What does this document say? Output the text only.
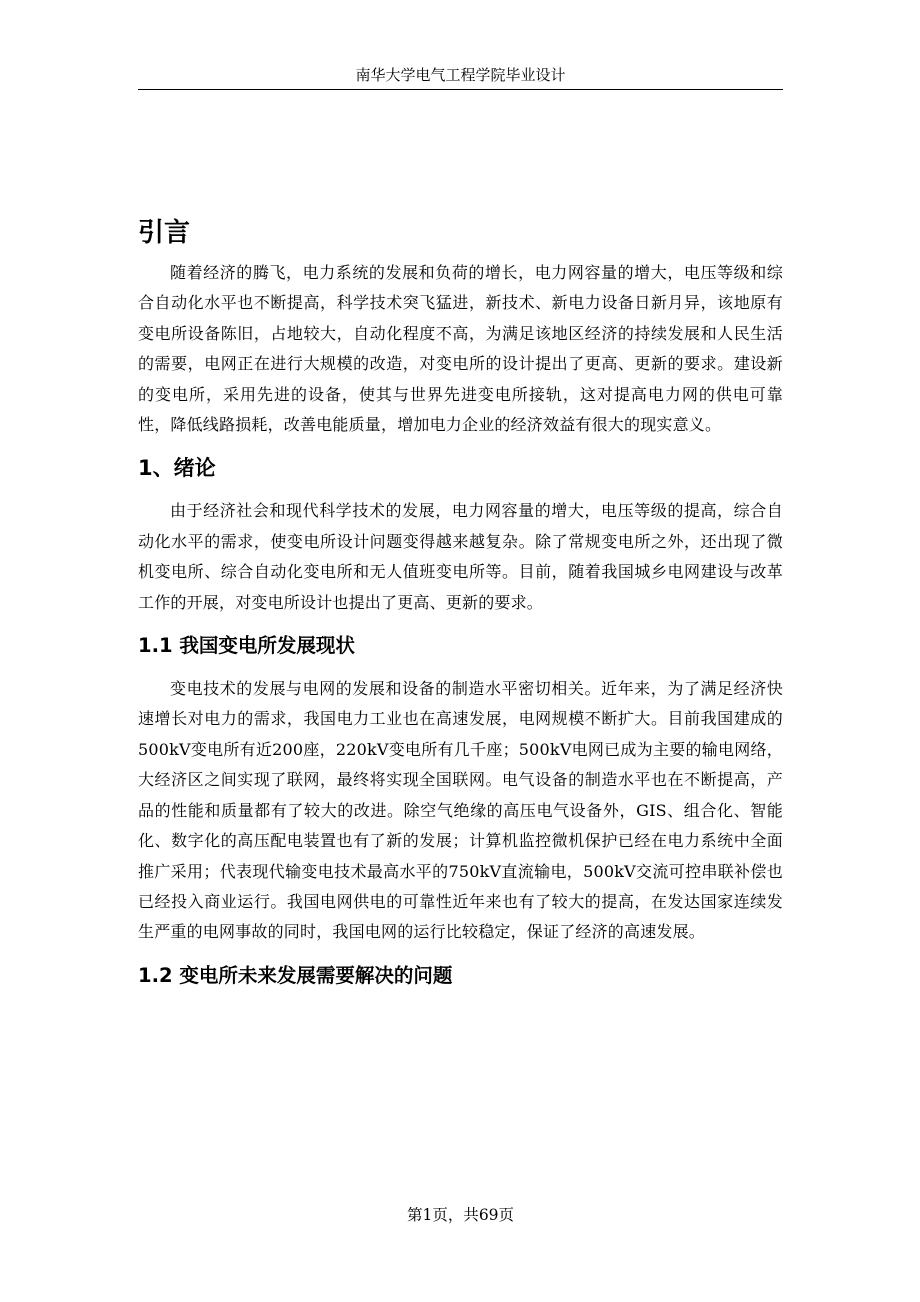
南华大学电气工程学院毕业设计
引言

随着经济的腾飞，电力系统的发展和负荷的增长，电力网容量的增大，电压等级和综合自动化水平也不断提高，科学技术突飞猛进，新技术、新电力设备日新月异，该地原有变电所设备陈旧，占地较大，自动化程度不高，为满足该地区经济的持续发展和人民生活的需要，电网正在进行大规模的改造，对变电所的设计提出了更高、更新的要求。建设新的变电所，采用先进的设备，使其与世界先进变电所接轨，这对提高电力网的供电可靠性，降低线路损耗，改善电能质量，增加电力企业的经济效益有很大的现实意义。

1、绪论

由于经济社会和现代科学技术的发展，电力网容量的增大，电压等级的提高，综合自动化水平的需求，使变电所设计问题变得越来越复杂。除了常规变电所之外，还出现了微机变电所、综合自动化变电所和无人值班变电所等。目前，随着我国城乡电网建设与改革工作的开展，对变电所设计也提出了更高、更新的要求。

1.1 我国变电所发展现状

变电技术的发展与电网的发展和设备的制造水平密切相关。近年来，为了满足经济快速增长对电力的需求，我国电力工业也在高速发展，电网规模不断扩大。目前我国建成的500kV变电所有近200座，220kV变电所有几千座；500kV电网已成为主要的输电网络，大经济区之间实现了联网，最终将实现全国联网。电气设备的制造水平也在不断提高，产品的性能和质量都有了较大的改进。除空气绝缘的高压电气设备外，GIS、组合化、智能化、数字化的高压配电装置也有了新的发展；计算机监控微机保护已经在电力系统中全面推广采用；代表现代输变电技术最高水平的750kV直流输电，500kV交流可控串联补偿也已经投入商业运行。我国电网供电的可靠性近年来也有了较大的提高，在发达国家连续发生严重的电网事故的同时，我国电网的运行比较稳定，保证了经济的高速发展。

1.2 变电所未来发展需要解决的问题
第1页，共69页
